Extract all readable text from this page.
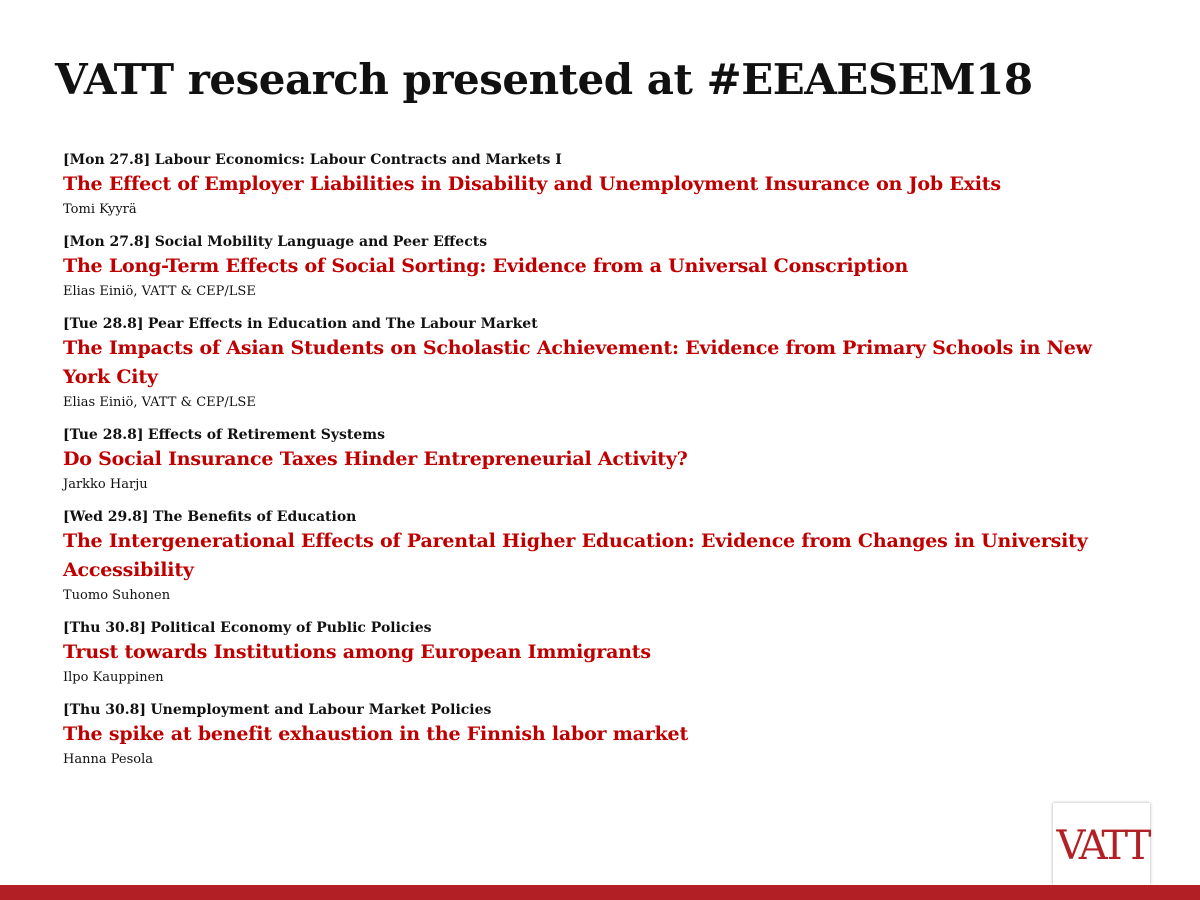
VATT research presented at #EEAESEM18
[Mon 27.8] Labour Economics: Labour Contracts and Markets I
The Effect of Employer Liabilities in Disability and Unemployment Insurance on Job Exits
Tomi Kyyrä
[Mon 27.8] Social Mobility Language and Peer Effects
The Long-Term Effects of Social Sorting: Evidence from a Universal Conscription
Elias Einiö, VATT & CEP/LSE
[Tue 28.8] Pear Effects in Education and The Labour Market
The Impacts of Asian Students on Scholastic Achievement: Evidence from Primary Schools in New York City
Elias Einiö, VATT & CEP/LSE
[Tue 28.8] Effects of Retirement Systems
Do Social Insurance Taxes Hinder Entrepreneurial Activity?
Jarkko Harju
[Wed 29.8] The Benefits of Education
The Intergenerational Effects of Parental Higher Education: Evidence from Changes in University Accessibility
Tuomo Suhonen
[Thu 30.8] Political Economy of Public Policies
Trust towards Institutions among European Immigrants
Ilpo Kauppinen
[Thu 30.8] Unemployment and Labour Market Policies
The spike at benefit exhaustion in the Finnish labor market
Hanna Pesola
VATT
